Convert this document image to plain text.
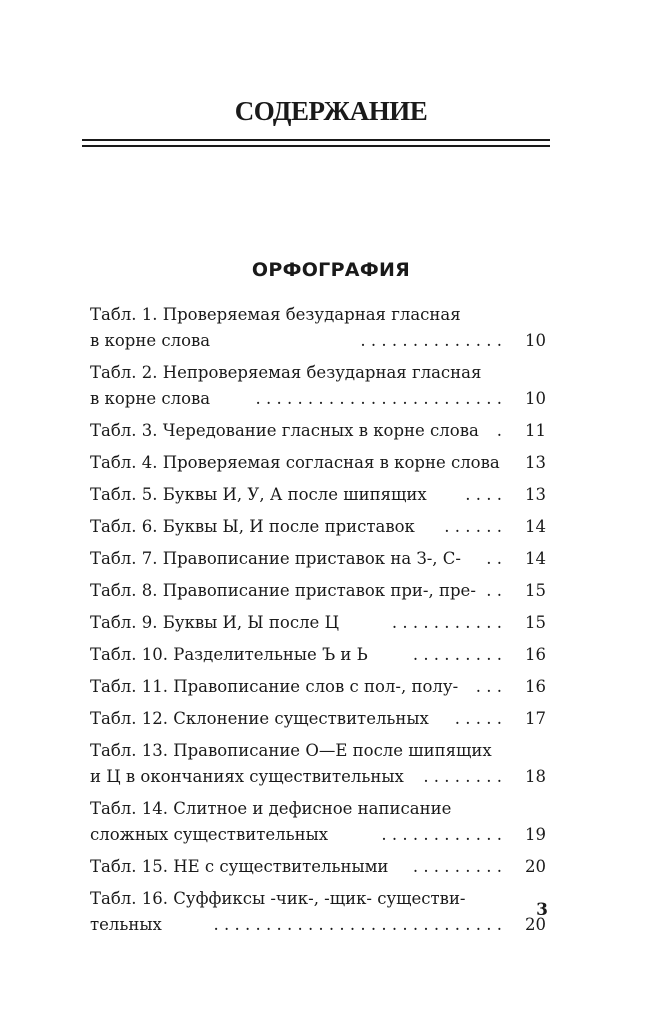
СОДЕРЖАНИЕ
ОРФОГРАФИЯ
Табл. 1. Проверяемая безударная гласная
в корне слова	. . . . . . . . . . . . . .	10
Табл. 2. Непроверяемая безударная гласная
в корне слова	. . . . . . . . . . . . . . . . . . . . . . . .	10
Табл. 3. Чередование гласных в корне слова .	11
Табл. 4. Проверяемая согласная в корне слова	13
Табл. 5. Буквы И, У, А после шипящих . . . .	13
Табл. 6. Буквы Ы, И после приставок . . . . . .	14
Табл. 7. Правописание приставок на З-, С- . .	14
Табл. 8. Правописание приставок при-, пре- . .	15
Табл. 9. Буквы И, Ы после Ц	. . . . . . . . . . .	15
Табл. 10. Разделительные Ъ и Ь	. . . . . . . . .	16
Табл. 11. Правописание слов с пол-, полу- . . .	16
Табл. 12. Склонение существительных . . . . .	17
Табл. 13. Правописание О—Е после шипящих
и Ц в окончаниях существительных . . . . . . . .	18
Табл. 14. Слитное и дефисное написание
сложных существительных	. . . . . . . . . . . .	19
Табл. 15. НЕ с существительными . . . . . . . . .	20
Табл. 16. Суффиксы -чик-, -щик- существи-
тельных	. . . . . . . . . . . . . . . . . . . . . . . . . . . .	20
3
